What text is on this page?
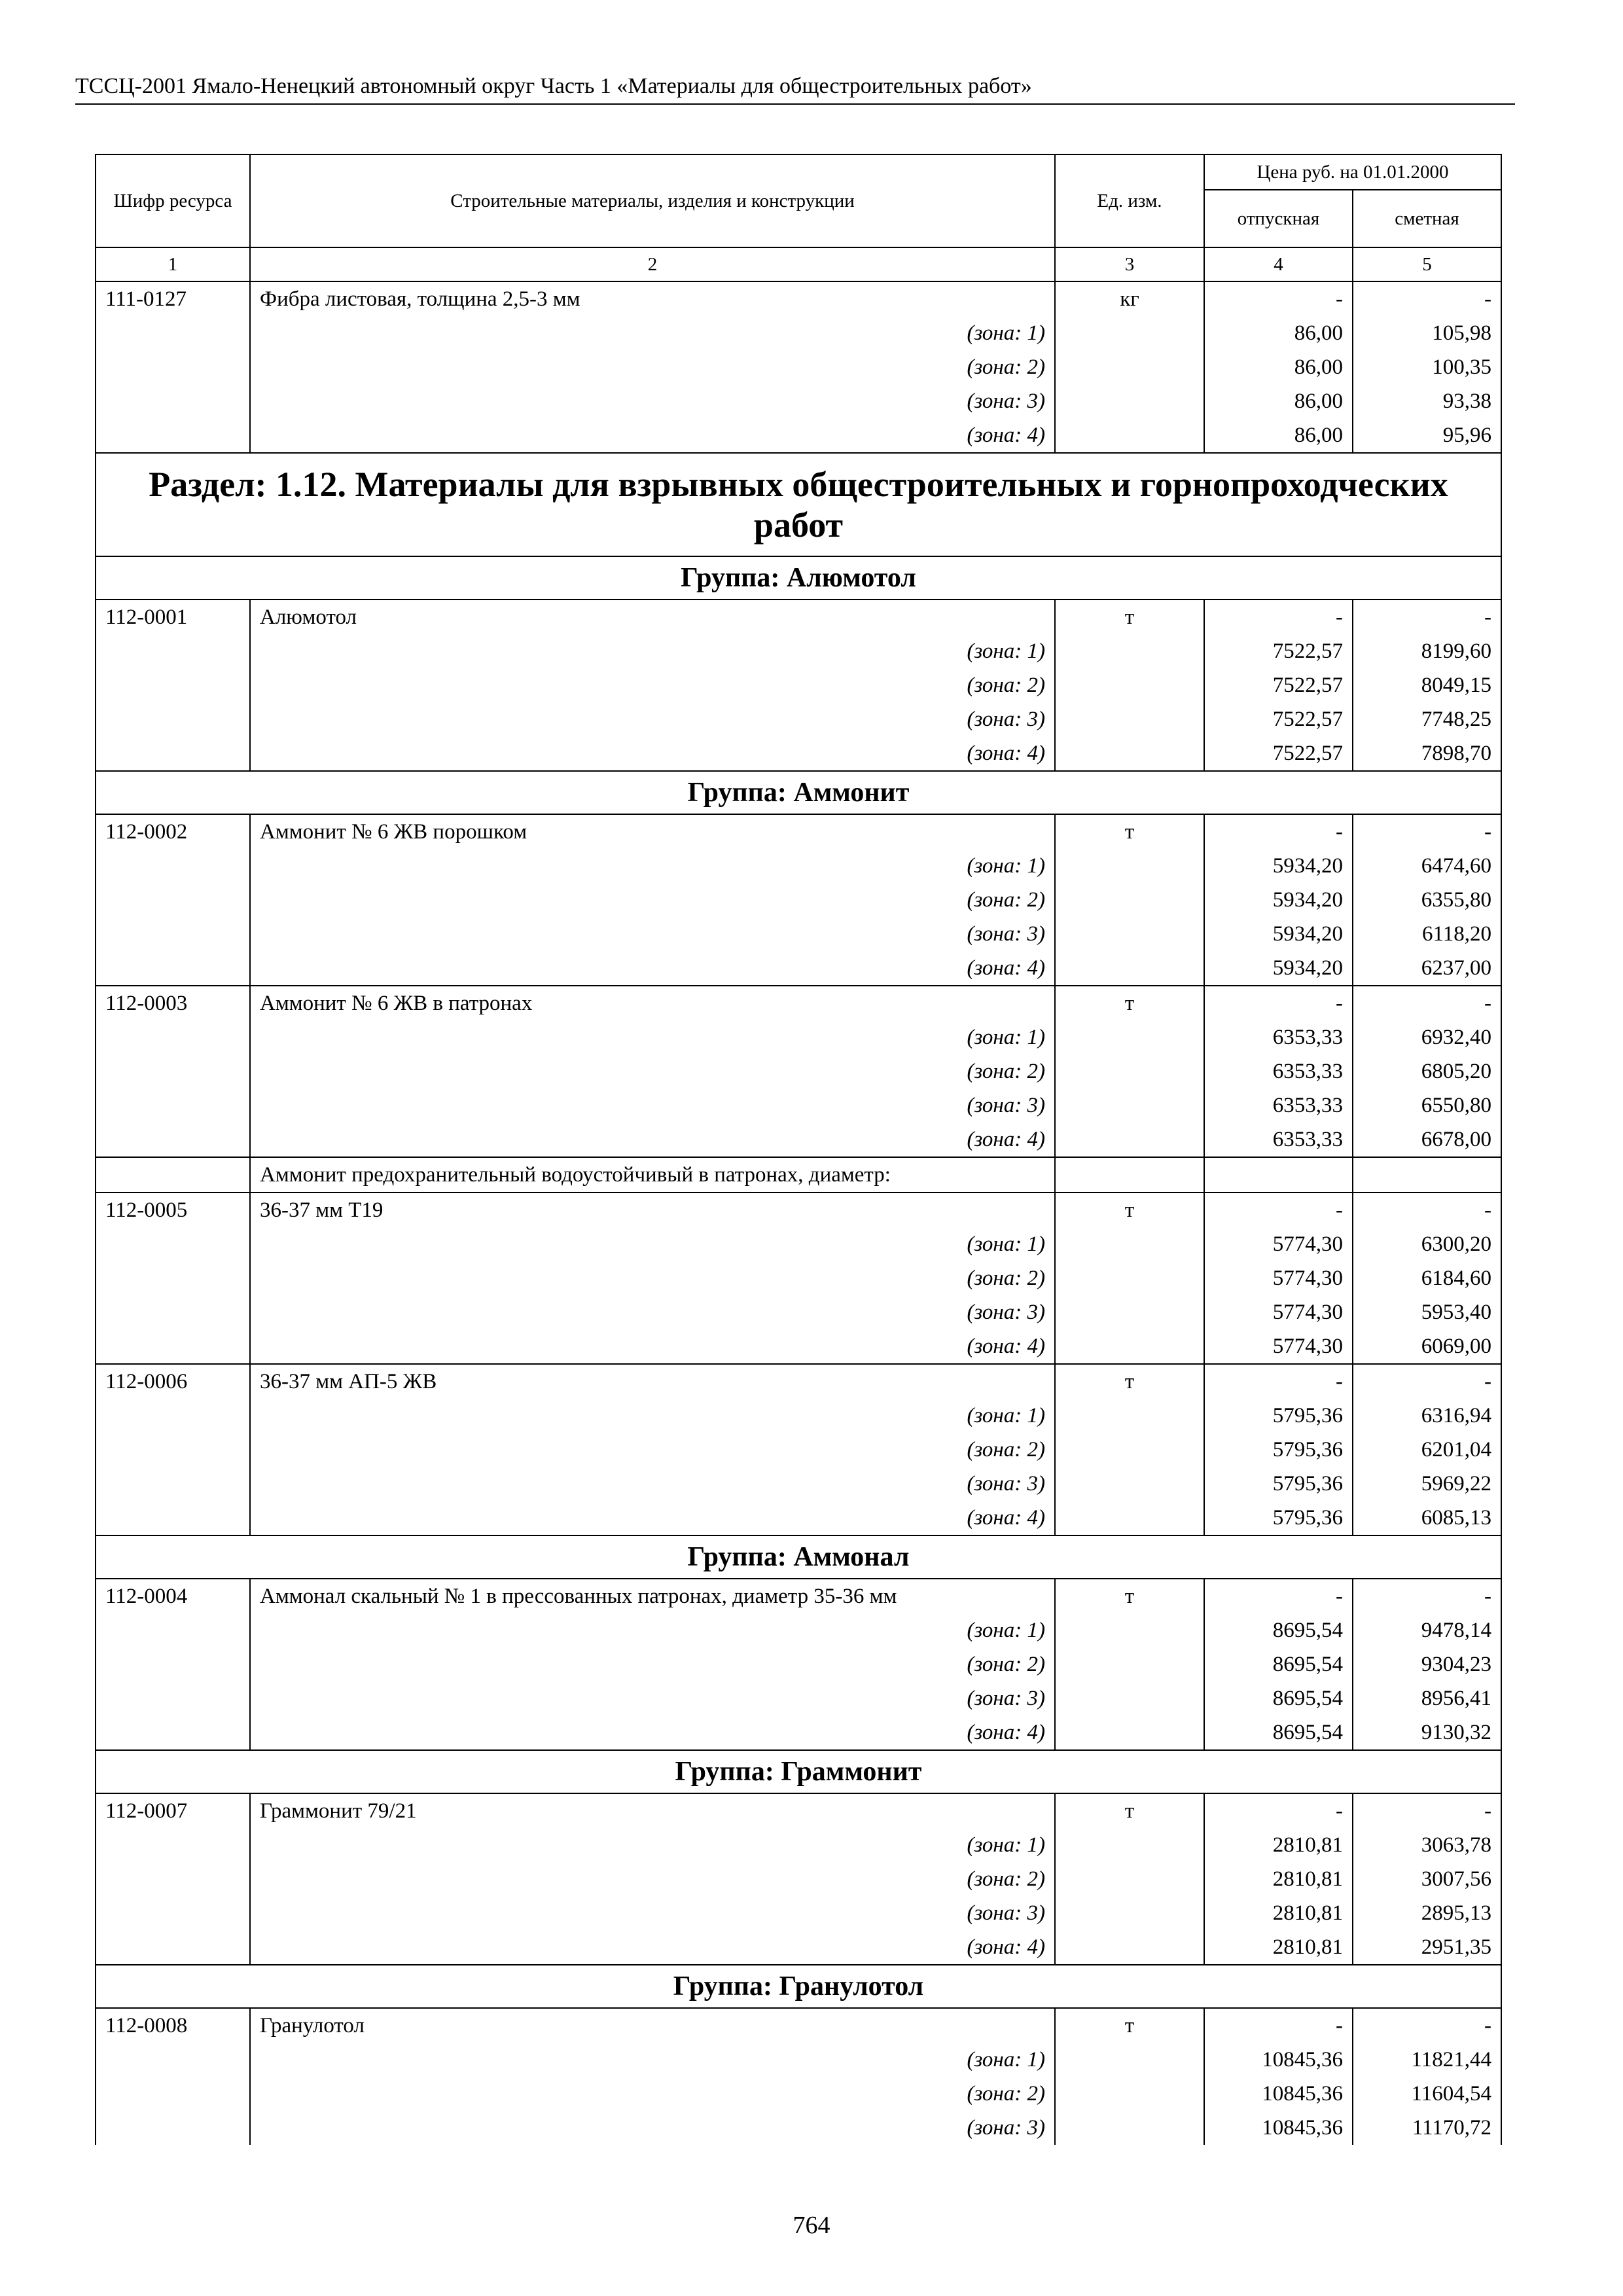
ТССЦ-2001 Ямало-Ненецкий автономный округ Часть 1 «Материалы для общестроительных работ»
Шифр ресурса	Строительные материалы, изделия и конструкции	Ед. изм.	Цена руб. на 01.01.2000	
			отпускная	сметная
1	2	3	4	5
111-0127	Фибра листовая, толщина 2,5-3 мм	кг	-	-
	(зона: 1)		86,00	105,98
	(зона: 2)		86,00	100,35
	(зона: 3)		86,00	93,38
	(зона: 4)		86,00	95,96
Раздел: 1.12. Материалы для взрывных общестроительных и горнопроходческих работ				
Группа: Алюмотол				
112-0001	Алюмотол	т	-	-
	(зона: 1)		7522,57	8199,60
	(зона: 2)		7522,57	8049,15
	(зона: 3)		7522,57	7748,25
	(зона: 4)		7522,57	7898,70
Группа: Аммонит				
112-0002	Аммонит № 6 ЖВ порошком	т	-	-
	(зона: 1)		5934,20	6474,60
	(зона: 2)		5934,20	6355,80
	(зона: 3)		5934,20	6118,20
	(зона: 4)		5934,20	6237,00
112-0003	Аммонит № 6 ЖВ в патронах	т	-	-
	(зона: 1)		6353,33	6932,40
	(зона: 2)		6353,33	6805,20
	(зона: 3)		6353,33	6550,80
	(зона: 4)		6353,33	6678,00
	Аммонит предохранительный водоустойчивый в патронах, диаметр:			
112-0005	36-37 мм Т19	т	-	-
	(зона: 1)		5774,30	6300,20
	(зона: 2)		5774,30	6184,60
	(зона: 3)		5774,30	5953,40
	(зона: 4)		5774,30	6069,00
112-0006	36-37 мм АП-5 ЖВ	т	-	-
	(зона: 1)		5795,36	6316,94
	(зона: 2)		5795,36	6201,04
	(зона: 3)		5795,36	5969,22
	(зона: 4)		5795,36	6085,13
Группа: Аммонал				
112-0004	Аммонал скальный № 1 в прессованных патронах, диаметр 35-36 мм	т	-	-
	(зона: 1)		8695,54	9478,14
	(зона: 2)		8695,54	9304,23
	(зона: 3)		8695,54	8956,41
	(зона: 4)		8695,54	9130,32
Группа: Граммонит				
112-0007	Граммонит 79/21	т	-	-
	(зона: 1)		2810,81	3063,78
	(зона: 2)		2810,81	3007,56
	(зона: 3)		2810,81	2895,13
	(зона: 4)		2810,81	2951,35
Группа: Гранулотол				
112-0008	Гранулотол	т	-	-
	(зона: 1)		10845,36	11821,44
	(зона: 2)		10845,36	11604,54
	(зона: 3)		10845,36	11170,72
764
